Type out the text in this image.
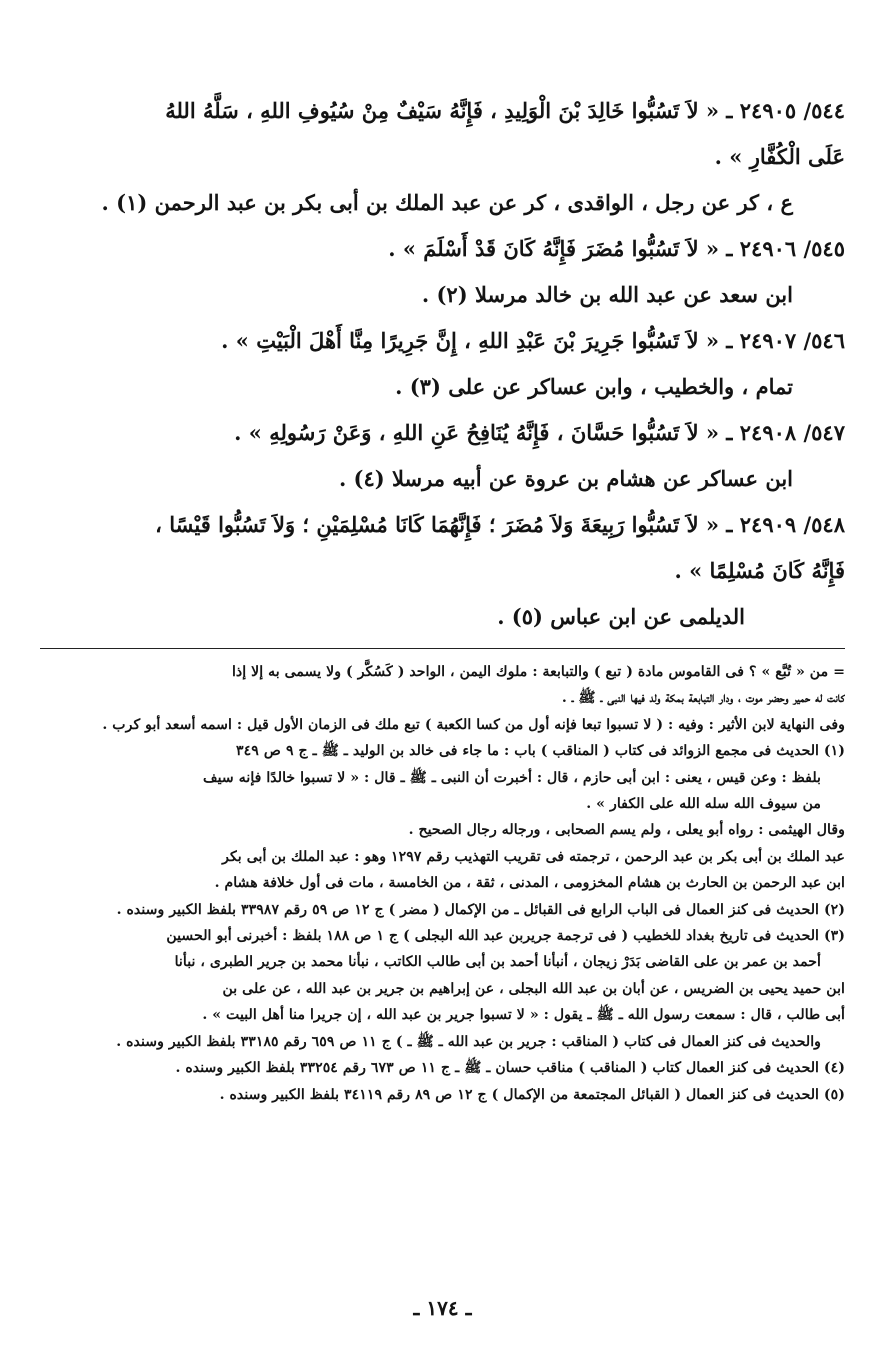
٥٤٤/ ٢٤٩٠٥ ـ « لاَ تَسُبُّوا خَالِدَ بْنَ الْوَلِيدِ ، فَإِنَّهُ سَيْفٌ مِنْ سُيُوفِ اللهِ ، سَلَّهُ اللهُ
عَلَى الْكُفَّارِ » .
ع ، كر عن رجل ، الواقدى ، كر عن عبد الملك بن أبى بكر بن عبد الرحمن (١) .
٥٤٥/ ٢٤٩٠٦ ـ « لاَ تَسُبُّوا مُضَرَ فَإِنَّهُ كَانَ قَدْ أَسْلَمَ » .
ابن سعد عن عبد الله بن خالد مرسلا (٢) .
٥٤٦/ ٢٤٩٠٧ ـ « لاَ تَسُبُّوا جَرِيرَ بْنَ عَبْدِ اللهِ ، إِنَّ جَرِيرًا مِنَّا أَهْلَ الْبَيْتِ » .
تمام ، والخطيب ، وابن عساكر عن على (٣) .
٥٤٧/ ٢٤٩٠٨ ـ « لاَ تَسُبُّوا حَسَّانَ ، فَإِنَّهُ يُنَافِحُ عَنِ اللهِ ، وَعَنْ رَسُولِهِ » .
ابن عساكر عن هشام بن عروة عن أبيه مرسلا (٤) .
٥٤٨/ ٢٤٩٠٩ ـ « لاَ تَسُبُّوا رَبِيعَةَ وَلاَ مُضَرَ ؛ فَإِنَّهُمَا كَانَا مُسْلِمَيْنِ ؛ وَلاَ تَسُبُّوا قَيْسًا ،
فَإِنَّهُ كَانَ مُسْلِمًا » .
الديلمى عن ابن عباس (٥) .
= من « تُبَّع » ؟ فى القاموس مادة ( تبع ) والتبابعة : ملوك اليمن ، الواحد ( كَسُكَّر ) ولا يسمى به إلا إذا
كانت له حمير وحضر موت ، ودار التبابعة بمكة ولد فيها النبى ـ ﷺ ـ .
وفى النهاية لابن الأثير : وفيه : ( لا تسبوا تبعا فإنه أول من كسا الكعبة ) تبع ملك فى الزمان الأول قيل : اسمه أسعد أبو كرب .
(١) الحديث فى مجمع الزوائد فى كتاب ( المناقب ) باب : ما جاء فى خالد بن الوليد ـ ﷺ ـ ج ٩ ص ٣٤٩
بلفظ : وعن قيس ، يعنى : ابن أبى حازم ، قال : أخبرت أن النبى ـ ﷺ ـ قال : « لا تسبوا خالدًا فإنه سيف
من سيوف الله سله الله على الكفار » .
وقال الهيثمى : رواه أبو يعلى ، ولم يسم الصحابى ، ورجاله رجال الصحيح .
عبد الملك بن أبى بكر بن عبد الرحمن ، ترجمته فى تقريب التهذيب رقم ١٢٩٧ وهو : عبد الملك بن أبى بكر
ابن عبد الرحمن بن الحارث بن هشام المخزومى ، المدنى ، ثقة ، من الخامسة ، مات فى أول خلافة هشام .
(٢) الحديث فى كنز العمال فى الباب الرابع فى القبائل ـ من الإكمال ( مضر ) ج ١٢ ص ٥٩ رقم ٣٣٩٨٧ بلفظ الكبير وسنده .
(٣) الحديث فى تاريخ بغداد للخطيب ( فى ترجمة جريربن عبد الله البجلى ) ج ١ ص ١٨٨ بلفظ : أخبرنى أبو الحسين
أحمد بن عمر بن على القاضى بَدَرْ زيجان ، أنبأنا أحمد بن أبى طالب الكاتب ، نبأنا محمد بن جرير الطبرى ، نبأنا
ابن حميد يحيى بن الضريس ، عن أبان بن عبد الله البجلى ، عن إبراهيم بن جرير بن عبد الله ، عن على بن
أبى طالب ، قال : سمعت رسول الله ـ ﷺ ـ يقول : « لا تسبوا جرير بن عبد الله ، إن جريرا منا أهل البيت » .
والحديث فى كنز العمال فى كتاب ( المناقب : جرير بن عبد الله ـ ﷺ ـ ) ج ١١ ص ٦٥٩ رقم ٣٣١٨٥ بلفظ الكبير وسنده .
(٤) الحديث فى كنز العمال كتاب ( المناقب ) مناقب حسان ـ ﷺ ـ ج ١١ ص ٦٧٣ رقم ٣٣٢٥٤ بلفظ الكبير وسنده .
(٥) الحديث فى كنز العمال ( القبائل المجتمعة من الإكمال ) ج ١٢ ص ٨٩ رقم ٣٤١١٩ بلفظ الكبير وسنده .
ـ ١٧٤ ـ
